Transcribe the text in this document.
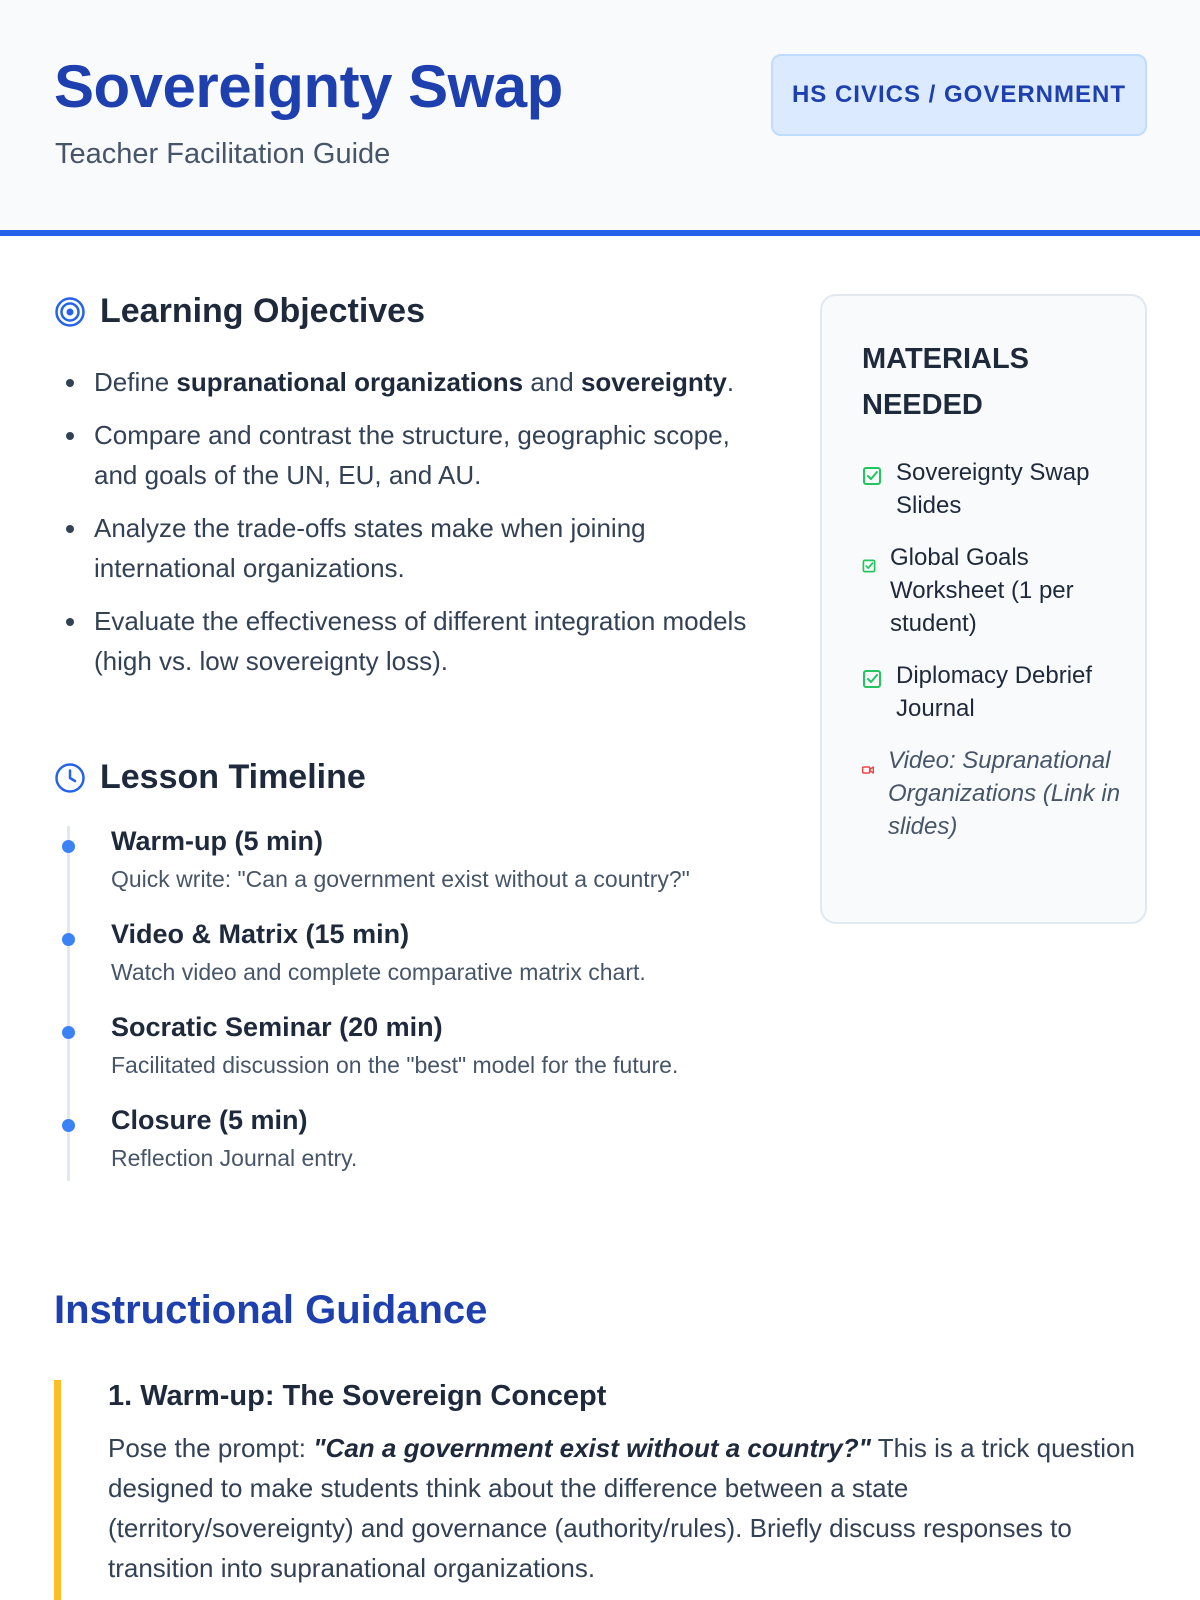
Sovereignty Swap
Teacher Facilitation Guide
HS CIVICS / GOVERNMENT
Learning Objectives
Define supranational organizations and sovereignty.
Compare and contrast the structure, geographic scope, and goals of the UN, EU, and AU.
Analyze the trade-offs states make when joining international organizations.
Evaluate the effectiveness of different integration models (high vs. low sovereignty loss).
Lesson Timeline
Warm-up (5 min)
Quick write: "Can a government exist without a country?"
Video & Matrix (15 min)
Watch video and complete comparative matrix chart.
Socratic Seminar (20 min)
Facilitated discussion on the "best" model for the future.
Closure (5 min)
Reflection Journal entry.
MATERIALS NEEDED
Sovereignty Swap Slides
Global Goals Worksheet (1 per student)
Diplomacy Debrief Journal
Video: Supranational Organizations (Link in slides)
Instructional Guidance
1. Warm-up: The Sovereign Concept
Pose the prompt: "Can a government exist without a country?" This is a trick question designed to make students think about the difference between a state (territory/sovereignty) and governance (authority/rules). Briefly discuss responses to transition into supranational organizations.
